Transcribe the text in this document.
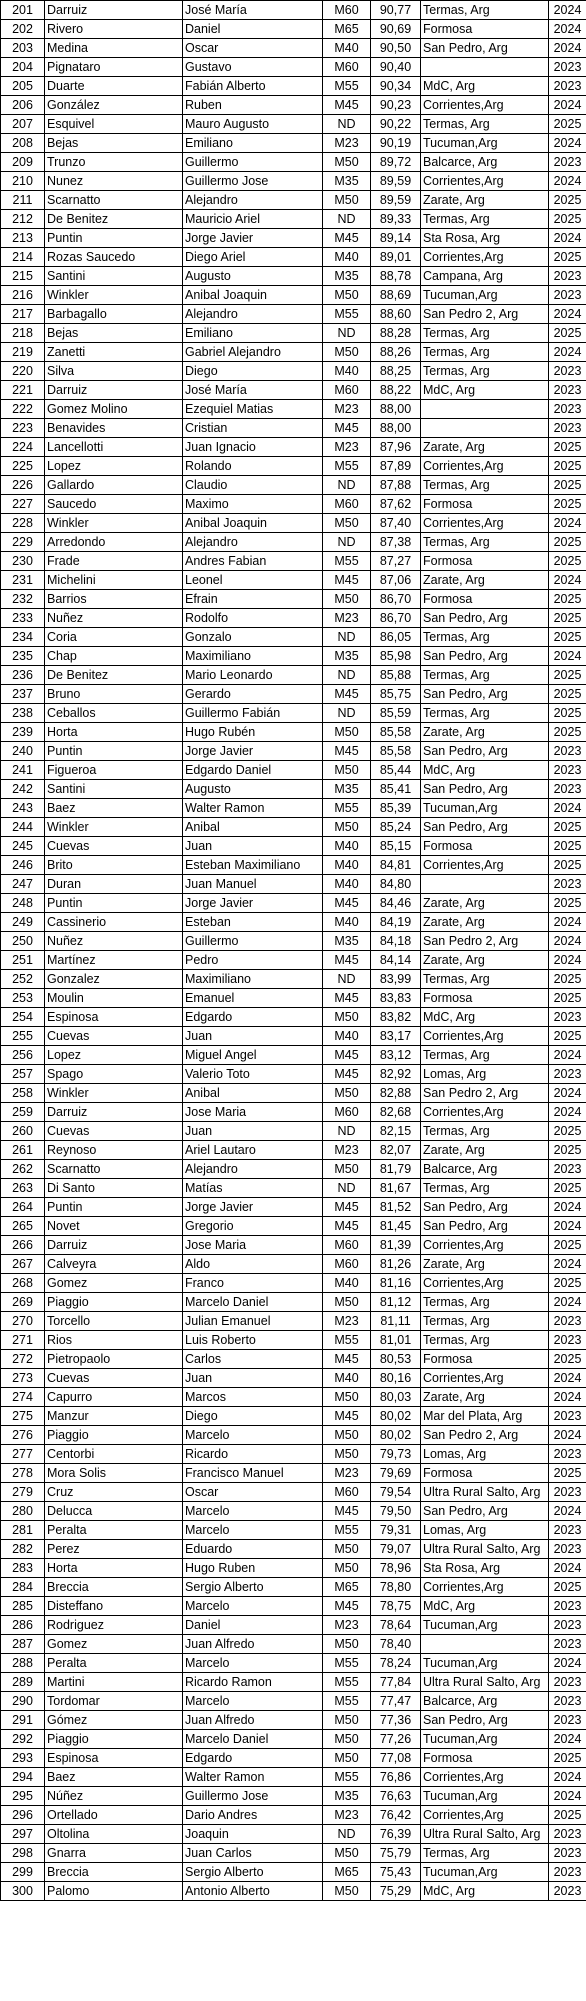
201	Darruiz	José María	M60	90,77	Termas, Arg	2024
202	Rivero	Daniel	M65	90,69	Formosa	2024
203	Medina	Oscar	M40	90,50	San Pedro, Arg	2024
204	Pignataro	Gustavo	M60	90,40		2023
205	Duarte	Fabián Alberto	M55	90,34	MdC, Arg	2023
206	González	Ruben	M45	90,23	Corrientes,Arg	2024
207	Esquivel	Mauro Augusto	ND	90,22	Termas, Arg	2025
208	Bejas	Emiliano	M23	90,19	Tucuman,Arg	2024
209	Trunzo	Guillermo	M50	89,72	Balcarce, Arg	2023
210	Nunez	Guillermo Jose	M35	89,59	Corrientes,Arg	2024
211	Scarnatto	Alejandro	M50	89,59	Zarate, Arg	2025
212	De Benitez	Mauricio Ariel	ND	89,33	Termas, Arg	2025
213	Puntin	Jorge Javier	M45	89,14	Sta Rosa, Arg	2024
214	Rozas Saucedo	Diego Ariel	M40	89,01	Corrientes,Arg	2025
215	Santini	Augusto	M35	88,78	Campana, Arg	2023
216	Winkler	Anibal Joaquin	M50	88,69	Tucuman,Arg	2023
217	Barbagallo	Alejandro	M55	88,60	San Pedro 2, Arg	2024
218	Bejas	Emiliano	ND	88,28	Termas, Arg	2025
219	Zanetti	Gabriel Alejandro	M50	88,26	Termas, Arg	2024
220	Silva	Diego	M40	88,25	Termas, Arg	2023
221	Darruiz	José María	M60	88,22	MdC, Arg	2023
222	Gomez Molino	Ezequiel Matias	M23	88,00		2023
223	Benavides	Cristian	M45	88,00		2023
224	Lancellotti	Juan Ignacio	M23	87,96	Zarate, Arg	2025
225	Lopez	Rolando	M55	87,89	Corrientes,Arg	2025
226	Gallardo	Claudio	ND	87,88	Termas, Arg	2025
227	Saucedo	Maximo	M60	87,62	Formosa	2025
228	Winkler	Anibal Joaquin	M50	87,40	Corrientes,Arg	2024
229	Arredondo	Alejandro	ND	87,38	Termas, Arg	2025
230	Frade	Andres Fabian	M55	87,27	Formosa	2025
231	Michelini	Leonel	M45	87,06	Zarate, Arg	2024
232	Barrios	Efrain	M50	86,70	Formosa	2025
233	Nuñez	Rodolfo	M23	86,70	San Pedro, Arg	2025
234	Coria	Gonzalo	ND	86,05	Termas, Arg	2025
235	Chap	Maximiliano	M35	85,98	San Pedro, Arg	2024
236	De Benitez	Mario Leonardo	ND	85,88	Termas, Arg	2025
237	Bruno	Gerardo	M45	85,75	San Pedro, Arg	2025
238	Ceballos	Guillermo Fabián	ND	85,59	Termas, Arg	2025
239	Horta	Hugo Rubén	M50	85,58	Zarate, Arg	2025
240	Puntin	Jorge Javier	M45	85,58	San Pedro, Arg	2023
241	Figueroa	Edgardo Daniel	M50	85,44	MdC, Arg	2023
242	Santini	Augusto	M35	85,41	San Pedro, Arg	2023
243	Baez	Walter Ramon	M55	85,39	Tucuman,Arg	2024
244	Winkler	Anibal	M50	85,24	San Pedro, Arg	2025
245	Cuevas	Juan	M40	85,15	Formosa	2025
246	Brito	Esteban Maximiliano	M40	84,81	Corrientes,Arg	2025
247	Duran	Juan Manuel	M40	84,80		2023
248	Puntin	Jorge Javier	M45	84,46	Zarate, Arg	2025
249	Cassinerio	Esteban	M40	84,19	Zarate, Arg	2024
250	Nuñez	Guillermo	M35	84,18	San Pedro 2, Arg	2024
251	Martínez	Pedro	M45	84,14	Zarate, Arg	2024
252	Gonzalez	Maximiliano	ND	83,99	Termas, Arg	2025
253	Moulin	Emanuel	M45	83,83	Formosa	2025
254	Espinosa	Edgardo	M50	83,82	MdC, Arg	2023
255	Cuevas	Juan	M40	83,17	Corrientes,Arg	2025
256	Lopez	Miguel Angel	M45	83,12	Termas, Arg	2024
257	Spago	Valerio Toto	M45	82,92	Lomas, Arg	2023
258	Winkler	Anibal	M50	82,88	San Pedro 2, Arg	2024
259	Darruiz	Jose Maria	M60	82,68	Corrientes,Arg	2024
260	Cuevas	Juan	ND	82,15	Termas, Arg	2025
261	Reynoso	Ariel Lautaro	M23	82,07	Zarate, Arg	2025
262	Scarnatto	Alejandro	M50	81,79	Balcarce, Arg	2023
263	Di Santo	Matías	ND	81,67	Termas, Arg	2025
264	Puntin	Jorge Javier	M45	81,52	San Pedro, Arg	2024
265	Novet	Gregorio	M45	81,45	San Pedro, Arg	2024
266	Darruiz	Jose Maria	M60	81,39	Corrientes,Arg	2025
267	Calveyra	Aldo	M60	81,26	Zarate, Arg	2024
268	Gomez	Franco	M40	81,16	Corrientes,Arg	2025
269	Piaggio	Marcelo Daniel	M50	81,12	Termas, Arg	2024
270	Torcello	Julian Emanuel	M23	81,11	Termas, Arg	2023
271	Rios	Luis Roberto	M55	81,01	Termas, Arg	2023
272	Pietropaolo	Carlos	M45	80,53	Formosa	2025
273	Cuevas	Juan	M40	80,16	Corrientes,Arg	2024
274	Capurro	Marcos	M50	80,03	Zarate, Arg	2024
275	Manzur	Diego	M45	80,02	Mar del Plata, Arg	2023
276	Piaggio	Marcelo	M50	80,02	San Pedro 2, Arg	2024
277	Centorbi	Ricardo	M50	79,73	Lomas, Arg	2023
278	Mora Solis	Francisco Manuel	M23	79,69	Formosa	2025
279	Cruz	Oscar	M60	79,54	Ultra Rural Salto, Arg	2023
280	Delucca	Marcelo	M45	79,50	San Pedro, Arg	2024
281	Peralta	Marcelo	M55	79,31	Lomas, Arg	2023
282	Perez	Eduardo	M50	79,07	Ultra Rural Salto, Arg	2023
283	Horta	Hugo Ruben	M50	78,96	Sta Rosa, Arg	2024
284	Breccia	Sergio Alberto	M65	78,80	Corrientes,Arg	2025
285	Disteffano	Marcelo	M45	78,75	MdC, Arg	2023
286	Rodriguez	Daniel	M23	78,64	Tucuman,Arg	2023
287	Gomez	Juan Alfredo	M50	78,40		2023
288	Peralta	Marcelo	M55	78,24	Tucuman,Arg	2024
289	Martini	Ricardo Ramon	M55	77,84	Ultra Rural Salto, Arg	2023
290	Tordomar	Marcelo	M55	77,47	Balcarce, Arg	2023
291	Gómez	Juan Alfredo	M50	77,36	San Pedro, Arg	2023
292	Piaggio	Marcelo Daniel	M50	77,26	Tucuman,Arg	2024
293	Espinosa	Edgardo	M50	77,08	Formosa	2025
294	Baez	Walter Ramon	M55	76,86	Corrientes,Arg	2024
295	Núñez	Guillermo Jose	M35	76,63	Tucuman,Arg	2024
296	Ortellado	Dario Andres	M23	76,42	Corrientes,Arg	2025
297	Oltolina	Joaquin	ND	76,39	Ultra Rural Salto, Arg	2023
298	Gnarra	Juan Carlos	M50	75,79	Termas, Arg	2023
299	Breccia	Sergio Alberto	M65	75,43	Tucuman,Arg	2023
300	Palomo	Antonio Alberto	M50	75,29	MdC, Arg	2023
